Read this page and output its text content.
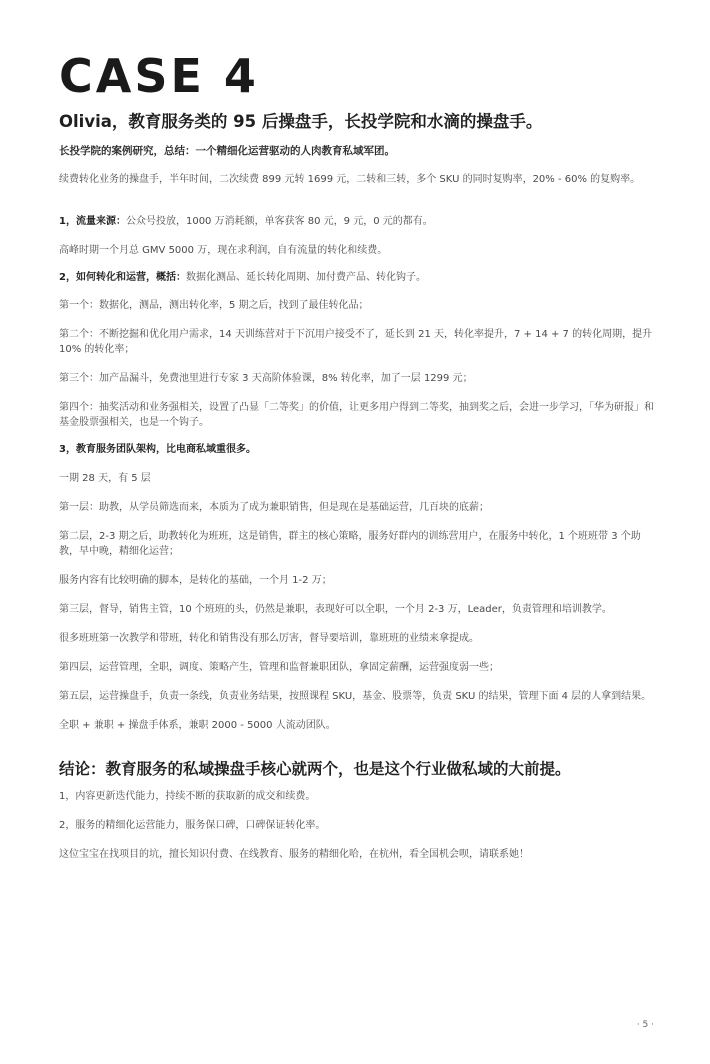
CASE 4

Olivia，教育服务类的 95 后操盘手，长投学院和水滴的操盘手。

长投学院的案例研究，总结：一个精细化运营驱动的人肉教育私域军团。

续费转化业务的操盘手，半年时间，二次续费 899 元转 1699 元，二转和三转，多个 SKU 的同时复购率，20% - 60% 的复购率。

1，流量来源：公众号投放，1000 万消耗额，单客获客 80 元，9 元，0 元的都有。

高峰时期一个月总 GMV 5000 万，现在求利润，自有流量的转化和续费。

2，如何转化和运营，概括：数据化测品、延长转化周期、加付费产品、转化钩子。

第一个：数据化，测品，测出转化率，5 期之后，找到了最佳转化品；

第二个：不断挖掘和优化用户需求，14 天训练营对于下沉用户接受不了，延长到 21 天，转化率提升，7 + 14 + 7 的转化周期，提升 10% 的转化率；

第三个：加产品漏斗，免费池里进行专家 3 天高阶体验课，8% 转化率，加了一层 1299 元；

第四个：抽奖活动和业务强相关，设置了凸显「二等奖」的价值，让更多用户得到二等奖，抽到奖之后，会进一步学习，「华为研报」和基金股票强相关，也是一个钩子。

3，教育服务团队架构，比电商私域重很多。

一期 28 天，有 5 层

第一层：助教，从学员筛选而来，本质为了成为兼职销售，但是现在是基础运营，几百块的底薪；

第二层，2-3 期之后，助教转化为班班，这是销售，群主的核心策略，服务好群内的训练营用户，在服务中转化，1 个班班带 3 个助教，早中晚，精细化运营；

服务内容有比较明确的脚本，是转化的基础，一个月 1-2 万；

第三层，督导，销售主管，10 个班班的头，仍然是兼职，表现好可以全职，一个月 2-3 万，Leader，负责管理和培训教学。

很多班班第一次教学和带班，转化和销售没有那么厉害，督导要培训，靠班班的业绩来拿提成。

第四层，运营管理，全职，调度、策略产生，管理和监督兼职团队，拿固定薪酬，运营强度弱一些；

第五层，运营操盘手，负责一条线，负责业务结果，按照课程 SKU，基金、股票等，负责 SKU 的结果，管理下面 4 层的人拿到结果。

全职 + 兼职 + 操盘手体系，兼职 2000 - 5000 人流动团队。

结论：教育服务的私域操盘手核心就两个，也是这个行业做私域的大前提。

1，内容更新迭代能力，持续不断的获取新的成交和续费。

2，服务的精细化运营能力，服务保口碑，口碑保证转化率。

这位宝宝在找项目的坑，擅长知识付费、在线教育、服务的精细化哈，在杭州，看全国机会呗，请联系她！

· 5 ·
